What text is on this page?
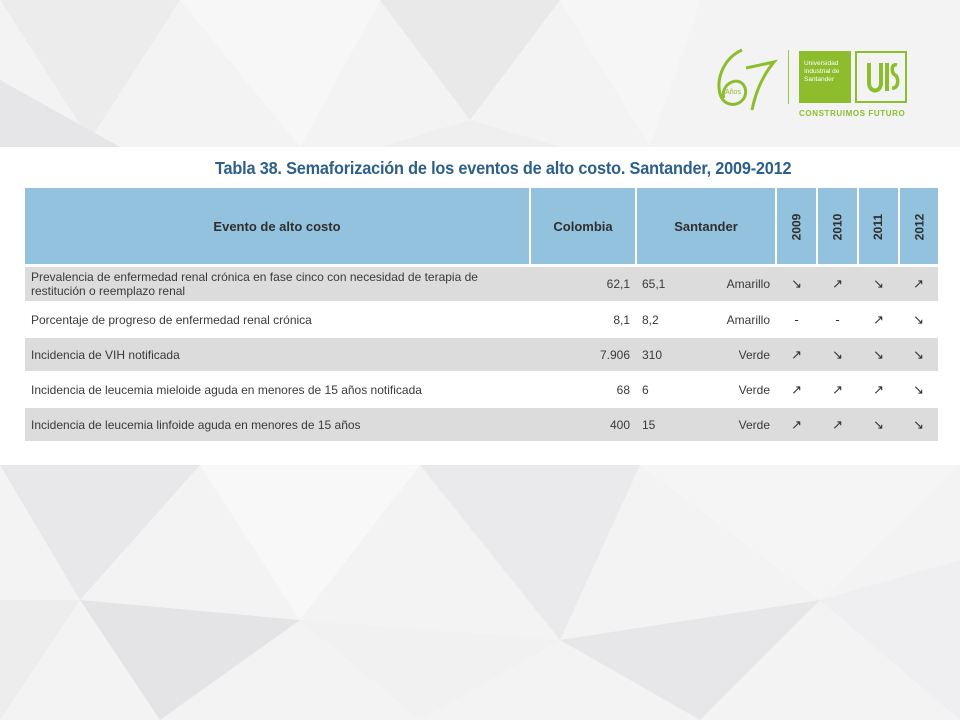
Años
Universidad
Industrial de
Santander
CONSTRUIMOS FUTURO
Tabla 38. Semaforización de los eventos de alto costo. Santander, 2009-2012
Evento de alto costo	Colombia	Santander		2009	2010	2011	2012

Prevalencia de enfermedad renal crónica en fase cinco con necesidad de terapia de restitución o reemplazo renal	62,1	65,1	Amarillo	↘	↗	↘	↗
Porcentaje de progreso de enfermedad renal crónica	8,1	8,2	Amarillo	-	-	↗	↘
Incidencia de VIH notificada	7.906	310	Verde	↗	↘	↘	↘
Incidencia de leucemia mieloide aguda en menores de 15 años notificada	68	6	Verde	↗	↗	↗	↘
Incidencia de leucemia linfoide aguda en menores de 15 años	400	15	Verde	↗	↗	↘	↘
